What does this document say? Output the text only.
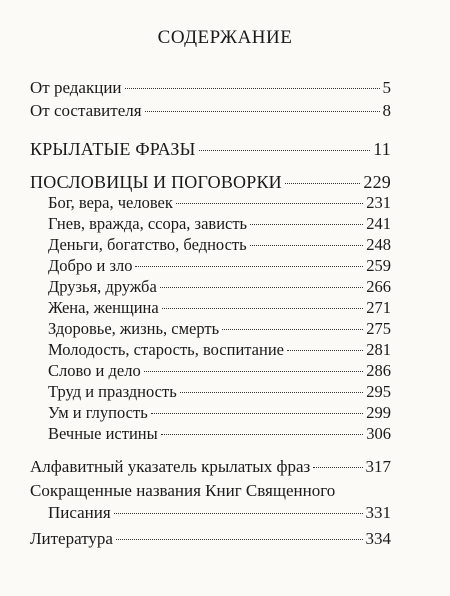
СОДЕРЖАНИЕ
От редакции	5
От составителя	8
КРЫЛАТЫЕ ФРАЗЫ	11
ПОСЛОВИЦЫ И ПОГОВОРКИ	229
Бог, вера, человек	231
Гнев, вражда, ссора, зависть	241
Деньги, богатство, бедность	248
Добро и зло	259
Друзья, дружба	266
Жена, женщина	271
Здоровье, жизнь, смерть	275
Молодость, старость, воспитание	281
Слово и дело	286
Труд и праздность	295
Ум и глупость	299
Вечные истины	306
Алфавитный указатель крылатых фраз	317
Сокращенные названия Книг Священного
Писания	331
Литература	334
